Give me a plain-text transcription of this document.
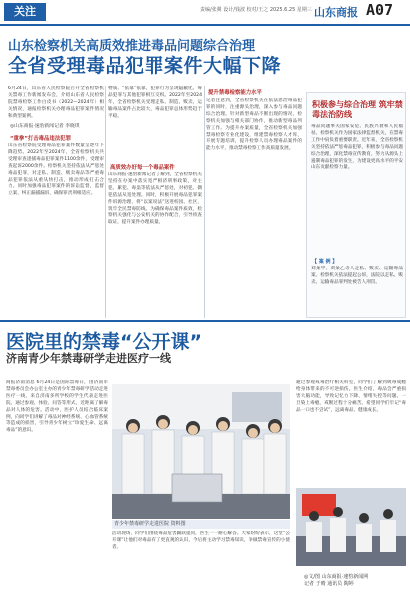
关注	责编/张翼 设计/钱波 校对/王之 2025.6.25 星期三 山东商报 A07
山东检察机关高质效推进毒品问题综合治理
全省受理毒品犯罪案件大幅下降
6月24日，山东省人民检察院召开全省检察机关禁毒工作新闻发布会，介绍山东省人民检察院禁毒检察工作白皮书（2022—2024年）相关情况，通报检察机关办理毒品犯罪案件情况和典型案例。
◎山东商报·速豹新闻记者 李晓琪
“重拳”打击毒品违法犯罪
山东省检察院受理毒品犯罪案件数量呈逐年下降趋势。2022年至2024年，全省检察机关共受理审查逮捕毒品犯罪案件1100余件，受理审查起诉2000余件。检察机关坚持依法从严惩处毒品犯罪，对走私、制造、贩卖毒品等严重毒品犯罪依法从重从快打击，推动形成打击合力。同时加强毒品犯罪案件的诉讼监督，监督立案、纠正漏捕漏诉，确保罪责刑相适应。
物质、“依靠”依靠，犯罪行为呈现隐蔽化、毒品犯罪与其他犯罪相互交织。2022年至2024年，全省检察机关受理走私、制造、贩卖、运输毒品案件占比较大，毒品犯罪总体形势趋于平稳。
高质效办好每一个毒品案件
山东商报·速豹新闻记者了解到，全省检察机关坚持在办案中落实宽严相济刑事政策，对主犯、累犯、毒枭等依法从严惩处，对初犯、偶犯依法从宽处理。同时，积极开展毒品犯罪案件诉源治理，将“以案说法”送进校园、社区，筑牢全民禁毒防线。为确保毒品案件质效，检察机关强化与公安机关的协作配合，引导侦查取证，提升案件办理质量。
提升禁毒检察能力水平
记者注意到，全省检察机关在依法惩治毒品犯罪的同时，注重源头治理，深入参与毒品问题综合治理。针对新型毒品不断出现的情况，检察机关加强与相关部门协作，推动新型毒品列管工作。为提升办案质量，全省检察机关加强禁毒检察专业化建设，组建禁毒检察人才库，开展专题培训，提升检察人员办理毒品案件的能力水平，推动禁毒检察工作高质量发展。
积极参与综合治理 筑牢禁毒法治防线
毒品问题事关国家安危、民族兴衰和人民福祉。检察机关作为国家法律监督机关，在禁毒工作中肩负着重要职责。近年来，全省检察机关坚持依法严惩毒品犯罪，积极参与毒品问题综合治理，深化禁毒宣传教育，努力从源头上遏制毒品犯罪的发生，为建设更高水平的平安山东贡献检察力量。
【 案 例 】
刘某甲、刘某乙等人走私、贩卖、运输毒品案。检察机关依法提起公诉，法院以走私、贩卖、运输毒品罪判处被告人刑罚。
医院里的禁毒“公开课”
济南青少年禁毒研学走进医疗一线
商报济南消息 6月24日是国际禁毒日，由济南市禁毒委员会办公室主办的青少年禁毒研学活动走进医疗一线，来自济南多所学校的学生代表走进医院，通过参观、体验、问答等形式，近距离了解毒品对人体的危害。活动中，医护人员结合临床案例，向同学们讲解了毒品对神经系统、心血管系统等造成的损害，引导青少年树立“珍爱生命、远离毒品”的意识。
青少年禁毒研学走进医院 资料图
活动现场，同学们围绕毒品危害踊跃提问，医生一一耐心解答。大家纷纷表示，这堂“公开课”让他们对毒品有了更直观的认识，今后将主动学习禁毒知识，争做禁毒宣传的小使者。
通过参观戒毒治疗相关科室，同学们了解到吸毒成瘾给身体带来的不可逆损伤。医生介绍，毒品会严重损害大脑功能，导致记忆力下降、情绪失控等问题。一旦染上毒瘾，戒断过程十分痛苦。希望同学们牢记“毒品一口也不尝试”，远离毒品，健康成长。
◎文/图 山东商报·速豹新闻网
记者 于晴 通讯员 陶婷
